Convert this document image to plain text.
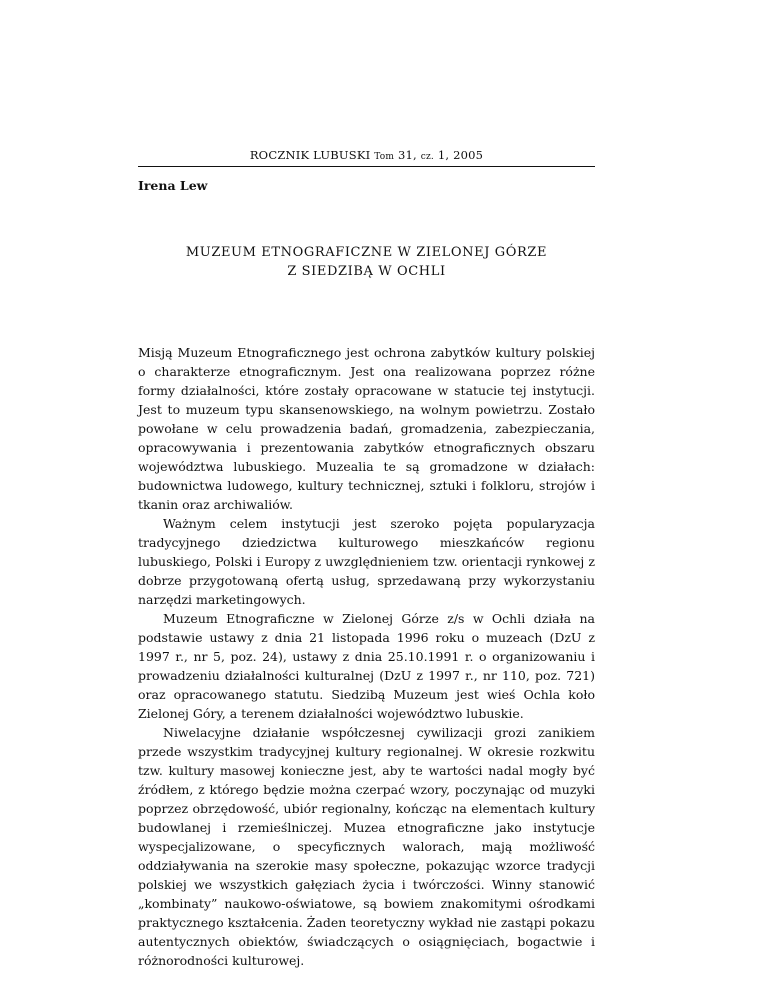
ROCZNIK LUBUSKI Tom 31, cz. 1, 2005
Irena Lew
MUZEUM ETNOGRAFICZNE W ZIELONEJ GÓRZE
Z SIEDZIBĄ W OCHLI

Misją Muzeum Etnograficznego jest ochrona zabytków kultury polskiej o charakterze etnograficznym. Jest ona realizowana poprzez różne formy działalności, które zostały opracowane w statucie tej instytucji. Jest to muzeum typu skansenowskiego, na wolnym powietrzu. Zostało powołane w celu prowadzenia badań, gromadzenia, zabezpieczania, opracowywania i prezentowania zabytków etnograficznych obszaru województwa lubuskiego. Muzealia te są gromadzone w działach: budownictwa ludowego, kultury technicznej, sztuki i folkloru, strojów i tkanin oraz archiwaliów.

Ważnym celem instytucji jest szeroko pojęta popularyzacja tradycyjnego dziedzictwa kulturowego mieszkańców regionu lubuskiego, Polski i Europy z uwzględnieniem tzw. orientacji rynkowej z dobrze przygotowaną ofertą usług, sprzedawaną przy wykorzystaniu narzędzi marketingowych.

Muzeum Etnograficzne w Zielonej Górze z/s w Ochli działa na podstawie ustawy z dnia 21 listopada 1996 roku o muzeach (DzU z 1997 r., nr 5, poz. 24), ustawy z dnia 25.10.1991 r. o organizowaniu i prowadzeniu działalności kulturalnej (DzU z 1997 r., nr 110, poz. 721) oraz opracowanego statutu. Siedzibą Muzeum jest wieś Ochla koło Zielonej Góry, a terenem działalności województwo lubuskie.

Niwelacyjne działanie współczesnej cywilizacji grozi zanikiem przede wszystkim tradycyjnej kultury regionalnej. W okresie rozkwitu tzw. kultury masowej konieczne jest, aby te wartości nadal mogły być źródłem, z którego będzie można czerpać wzory, poczynając od muzyki poprzez obrzędowość, ubiór regionalny, kończąc na elementach kultury budowlanej i rzemieślniczej. Muzea etnograficzne jako instytucje wyspecjalizowane, o specyficznych walorach, mają możliwość oddziaływania na szerokie masy społeczne, pokazując wzorce tradycji polskiej we wszystkich gałęziach życia i twórczości. Winny stanowić „kombinaty” naukowo-oświatowe, są bowiem znakomitymi ośrodkami praktycznego kształcenia. Żaden teoretyczny wykład nie zastąpi pokazu autentycznych obiektów, świadczących o osiągnięciach, bogactwie i różnorodności kulturowej.
